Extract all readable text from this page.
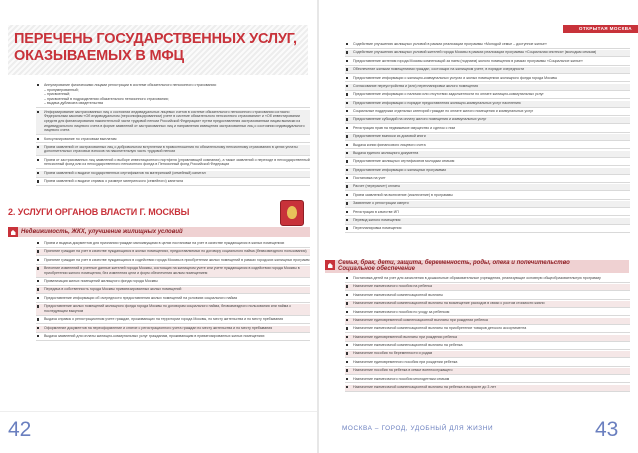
ПЕРЕЧЕНЬ ГОСУДАРСТВЕННЫХ УСЛУГ,
ОКАЗЫВАЕМЫХ В МФЦ
Аннулирование физическими лицами регистрации в системе обязательного пенсионного страхования:
– пронумерованный;
– присвоенный;
– присвоенный в подразделении обязательного пенсионного страхования;
– выдача дубликата свидетельства
Информирование застрахованных лиц о состоянии индивидуальных лицевых счетов в системе обязательного пенсионного страхования согласно Федеральным законам «Об индивидуальном (персонифицированном) учете в системе обязательного пенсионного страхования» и «Об инвестировании средств для финансирования накопительной части трудовой пенсии Российской Федерации» путем предоставления застрахованным лицам выписки из индивидуального лицевого счета в форме заявлений от застрахованных лиц и направления извещения застрахованных лиц о состоянии индивидуального лицевого счета
Консультирование по страховым выплатам
Прием заявлений от застрахованных лиц о добровольном вступлении в правоотношения по обязательному пенсионному страхованию в целях уплаты дополнительных страховых взносов на накопительную часть трудовой пенсии
Прием от застрахованных лиц заявлений о выборе инвестиционного портфеля (управляющей компании), а также заявлений о переходе в негосударственный пенсионный фонд или из негосударственного пенсионного фонда в Пенсионный фонд Российской Федерации
Прием заявлений о выдаче государственных сертификатов на материнский (семейный) капитал
Прием заявлений о выдаче справок о размере материнского (семейного) капитала
2. УСЛУГИ ОРГАНОВ ВЛАСТИ Г. МОСКВЫ
Недвижимость, ЖКХ, улучшение жилищных условий
Прием и выдача документов для признания граждан малоимущими в целях постановки на учет в качестве нуждающихся в жилых помещениях
Принятие граждан на учет в качестве нуждающихся в жилых помещениях, предоставляемых по договору социального найма (безвозмездного пользования)
Принятие граждан на учет в качестве нуждающихся в содействии города Москвы в приобретении жилых помещений в рамках городских жилищных программ
Внесение изменений в учетные данные жителей города Москвы, состоящих на жилищном учете или учете нуждающихся в содействии города Москвы в приобретении жилого помещения, без изменения цели и форм обеспечения жилым помещением
Приватизация жилых помещений жилищного фонда города Москвы
Передача в собственность города Москвы приватизированных жилых помещений
Предоставление информации об очередности предоставления жилых помещений на условиях социального найма
Предоставление жилых помещений жилищного фонда города Москвы по договорам социального найма, безвозмездного пользования или найма с последующим выкупом
Выдача справок о регистрационном учете граждан, проживающих на территории города Москвы, по месту жительства и по месту пребывания
Оформление документов на переоформление и снятие с регистрационного учета граждан по месту жительства и по месту пребывания
Выдача заявлений для оплаты жилищно-коммунальных услуг гражданам, проживающим в приватизированных жилых помещениях
42
ОТКРЫТАЯ МОСКВА
Содействие улучшению жилищных условий в рамках реализации программы «Молодой семье – доступное жилье»
Содействие улучшению жилищных условий жителей города Москвы в рамках реализации программы «Социальная ипотека» (молодым семьям)
Предоставление жителям города Москвы компенсаций за наем (поднаем) жилого помещения в рамках программы «Социальное жилье»
Обеспечение жилыми помещениями граждан, состоящих на жилищном учете, в порядке очередности
Предоставление информации о жилищно-коммунальных услугах и жилых помещениях жилищного фонда города Москвы
Согласование переустройства и (или) перепланировки жилого помещения
Предоставление информации о наличии или отсутствии задолженности по оплате жилищно-коммунальных услуг
Предоставление информации о порядке предоставления жилищно-коммунальных услуг населению
Социальные поддержки отдельных категорий граждан по оплате жилого помещения и коммунальных услуг
Предоставление субсидий на оплату жилого помещения и коммунальных услуг
Регистрация прав на недвижимое имущество и сделок с ним
Предоставление выписки из домовой книги
Выдача копии финансового лицевого счета
Выдача единого жилищного документа
Предоставление жилищных сертификатов молодым семьям
Предоставление информации о жилищных программах
Постановка на учет
Расчет (перерасчет) оплаты
Прием заявлений на включение (исключение) в программы
Заявление о регистрации смерти
Регистрация в качестве ИП
Перевод жилого помещения
Перепланировка помещения
Семья, брак, дети, защита, беременность, роды, опека и попечительство
Социальное обеспечение
Постановка детей на учет для зачисления в дошкольные образовательные учреждения, реализующие основную общеобразовательную программу
Назначение ежемесячного пособия на ребенка
Назначение ежемесячной компенсационной выплаты
Назначение ежемесячной компенсационной выплаты на возмещение расходов в связи с ростом стоимости жизни
Назначение ежемесячного пособия по уходу за ребенком
Назначение единовременной компенсационной выплаты при рождении ребенка
Назначение ежемесячной компенсационной выплаты на приобретение товаров детского ассортимента
Назначение единовременной выплаты при рождении ребенка
Назначение ежемесячной компенсационной выплаты на ребенка
Назначение пособия по беременности и родам
Назначение единовременного пособия при рождении ребенка
Назначение пособия на ребенка в семье военнослужащего
Назначение ежемесячного пособия многодетным семьям
Назначение ежемесячной компенсационной выплаты на ребенка в возрасте до 3 лет
МОСКВА – ГОРОД, УДОБНЫЙ ДЛЯ ЖИЗНИ	43
